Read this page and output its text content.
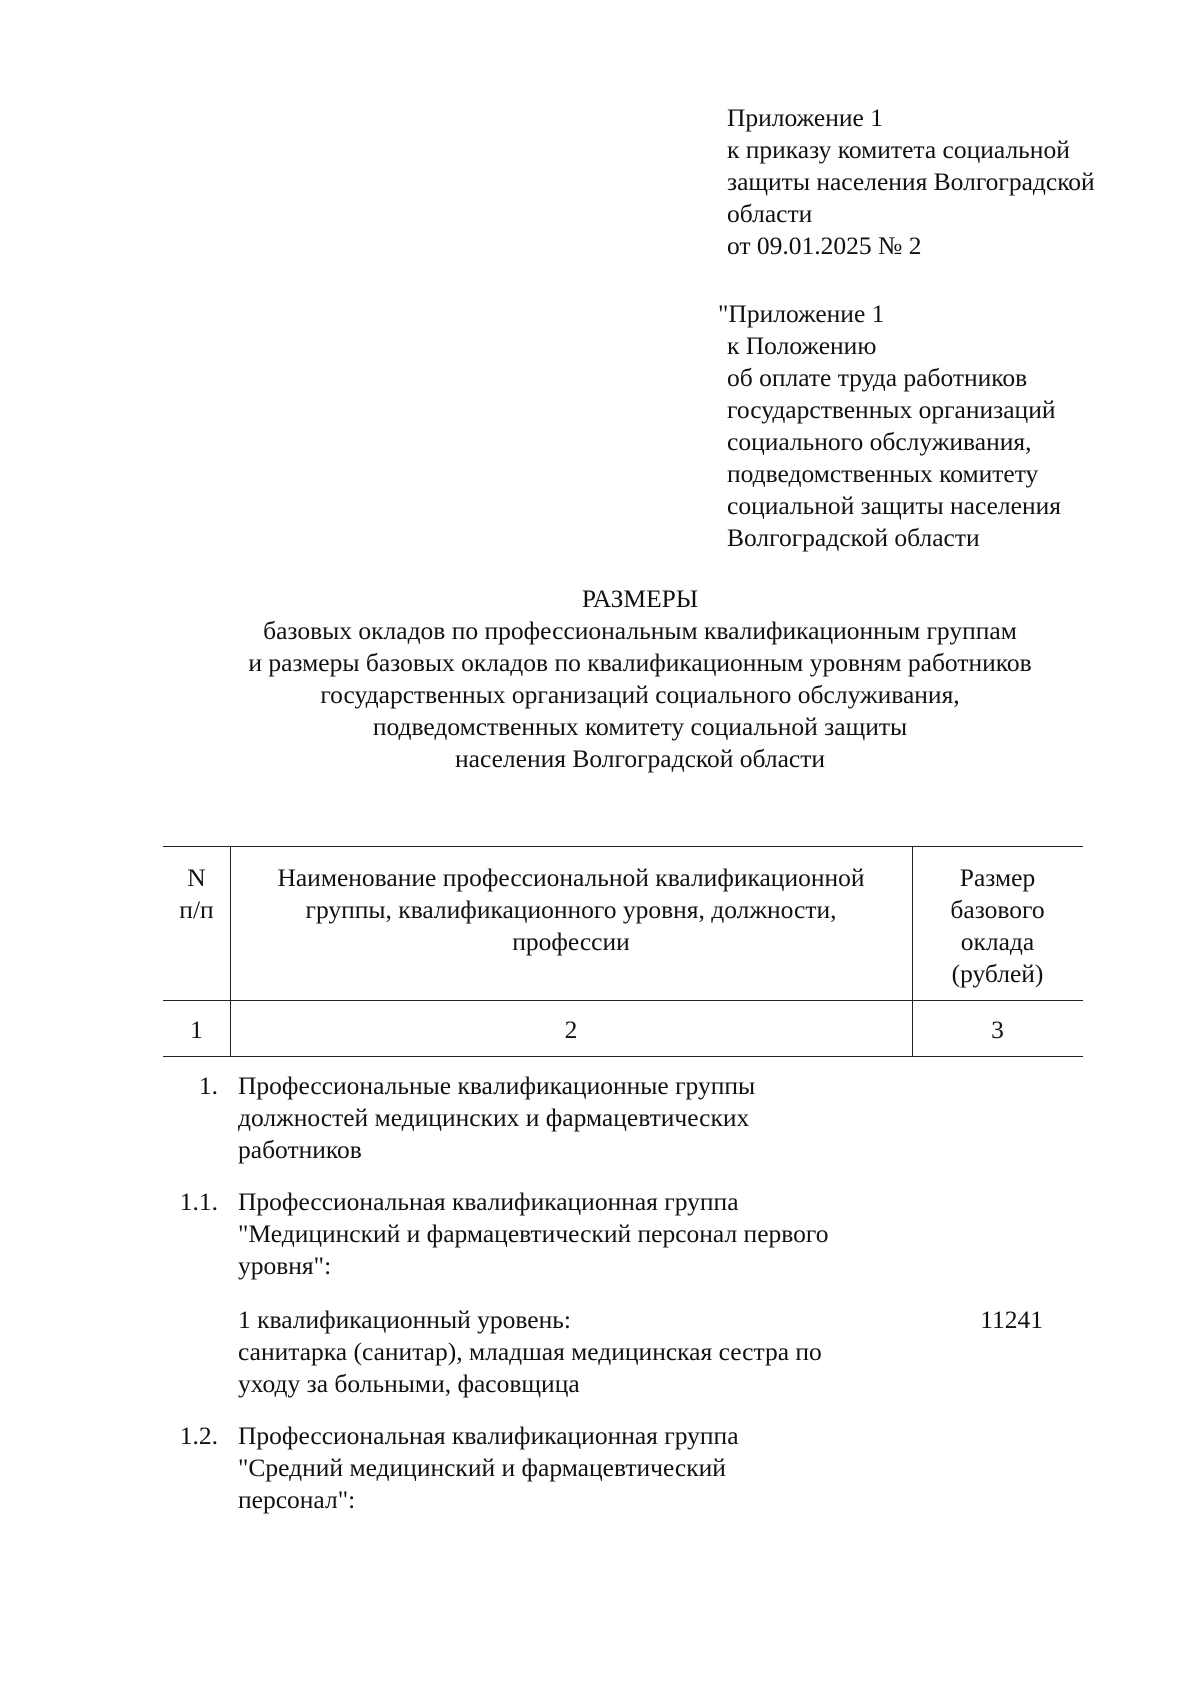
Приложение 1
к приказу комитета социальной
защиты населения Волгоградской
области
от 09.01.2025 № 2
"Приложение 1
к Положению
об оплате труда работников
государственных организаций
социального обслуживания,
подведомственных комитету
социальной защиты населения
Волгоградской области
РАЗМЕРЫ
базовых окладов по профессиональным квалификационным группам
и размеры базовых окладов по квалификационным уровням работников
государственных организаций социального обслуживания,
подведомственных комитету социальной защиты
населения Волгоградской области
N
п/п
Наименование профессиональной квалификационной
группы, квалификационного уровня, должности,
профессии
Размер
базового
оклада
(рублей)
1	2	3
1. Профессиональные квалификационные группы
должностей медицинских и фармацевтических
работников
1.1. Профессиональная квалификационная группа
"Медицинский и фармацевтический персонал первого
уровня":
1 квалификационный уровень:
санитарка (санитар), младшая медицинская сестра по
уходу за больными, фасовщица
11241
1.2. Профессиональная квалификационная группа
"Средний медицинский и фармацевтический
персонал":
